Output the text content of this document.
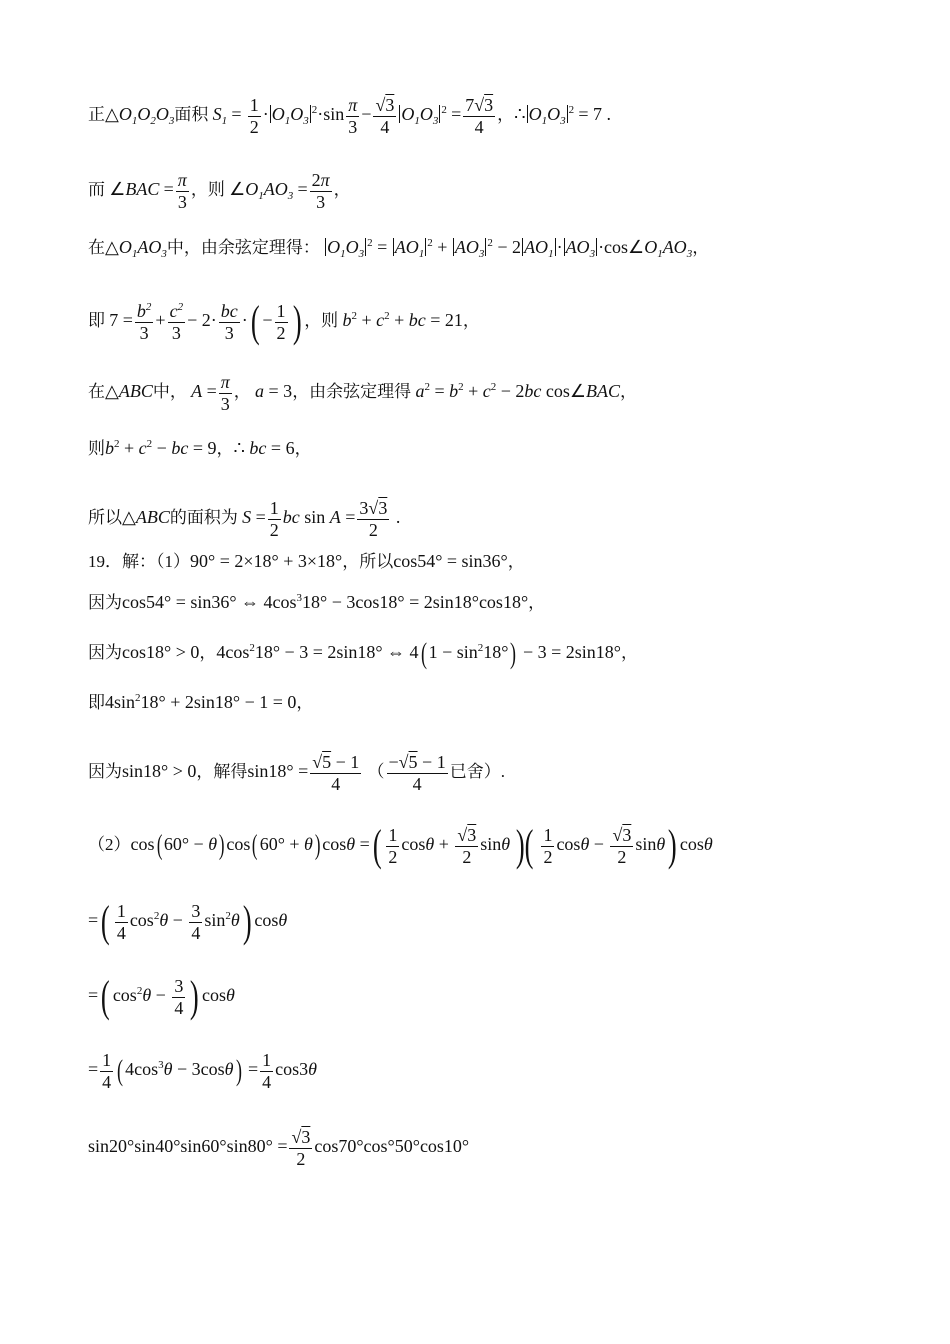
正$\triangle O_1O_2O_3$面积 $S_1 = \frac{1}{2} \cdot O_1O_3^2\cdot\sin \frac{\pi}{3} - \frac{√3}{4} O_1O_3^2 = \frac{7√3}{4}$ ，∴ $O_1O_3^2 = 7$ .
而 ∠BAC = $\frac{\pi}{3}$ ，则 $\angle O_1AO_3 = \frac{2\pi}{3}$ ，
在$\triangle O_1AO_3$中，由余弦定理得： $O_1O_3^2 = AO_1^2 + AO_3^2 - 2$ $AO_1 \cdot AO_3$ $\cdot\cos\angle O_1AO_3$，
即 $7 = \frac{b^2}{3} + \frac{c^2}{3} - 2\cdot \frac{bc}{3}$ ·( − $\frac{1}{2}$ ) ，则 $b^2 + c^2$ + bc = 21，
在△ABC中， $A = \frac{\pi}{3}$ ， a = 3，由余弦定理得 $a^2 = b^2 + c^2 - 2bc$ cos∠BAC，
则$b^2 + c^2$ − bc = 9，∴ bc = 6，
所以△ABC的面积为 $S = \frac{1}{2}$ bc $\sin A = \frac{3√3}{2}$ .
19．解：（1）90° = 2×18° + 3×18°，所以cos54° = sin36°，
因为cos54° = sin36° ⇔ $4\cos^318^\circ - 3\cos 18^\circ = 2\sin 18^\circ\cos 18^\circ$，
因为cos18° > 0，$4\cos^218^\circ - 3 = 2\sin 18^\circ$ ⇔ 4( $1 - \sin^218^\circ) - 3 = 2\sin 18^\circ$，
即$4\sin^218^\circ + 2\sin 18^\circ - 1 = 0$，
因为sin18° > 0，解得$\sin 18^\circ = \frac{√5 - 1}{4}$ （ $\frac{-√5 - 1}{4}$ 已舍）.
（2）cos( 60° − θ) cos( 60° + θ) cosθ =( $\frac{1}{2}$ $\cos\theta + \frac{√3}{2}$ sinθ )( $\frac{1}{2}$ $\cos\theta - \frac{√3}{2} \sin\theta$) cosθ
=( $\frac{1}{4} \cos^2\theta - \frac{3}{4} \sin^2\theta$) cosθ
=( $\cos^2\theta - \frac{3}{4}$ ) cosθ
= $\frac{1}{4}$ ( $4\cos^3\theta - 3\cos\theta) = \frac{1}{4} \cos 3\theta$
$\sin 20^\circ\sin 40^\circ\sin 60^\circ\sin 80^\circ = \frac{√3}{2} \cos 70^\circ\cos^\circ 50^\circ\cos 10^\circ$
